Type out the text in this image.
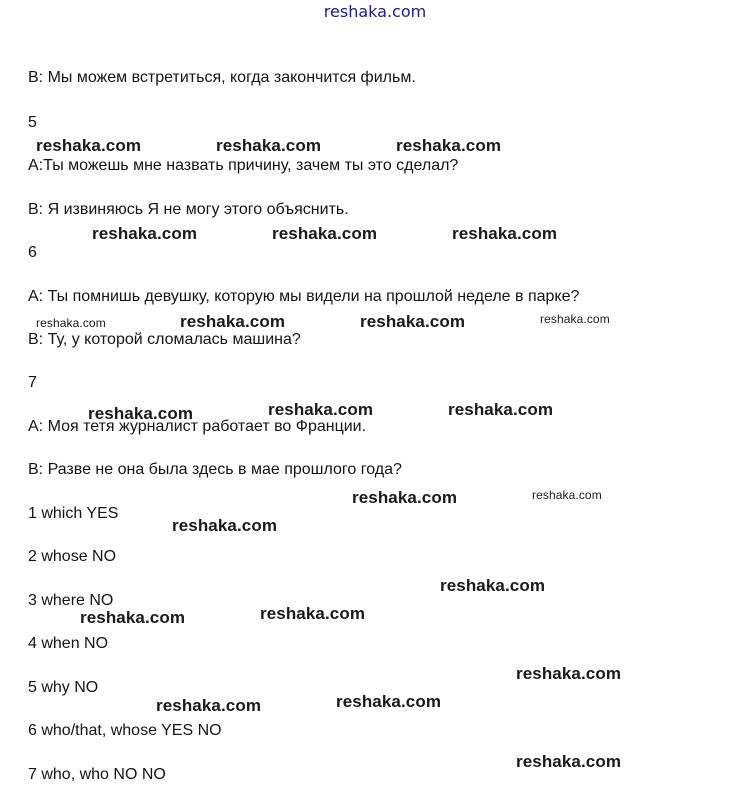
reshaka.com
B: Мы можем встретиться, когда закончится фильм.
5
A:Ты можешь мне назвать причину, зачем ты это сделал?
B: Я извиняюсь Я не могу этого объяснить.
6
A: Ты помнишь девушку, которую мы видели на прошлой неделе в парке?
B: Ту, у которой сломалась машина?
7
A: Моя тетя журналист работает во Франции.
B: Разве не она была здесь в мае прошлого года?
1 which YES
2 whose NO
3 where NO
4 when NO
5 why NO
6 who/that, whose YES NO
7 who, who NO NO
reshaka.com	reshaka.com	reshaka.com
reshaka.com	reshaka.com	reshaka.com
reshaka.com	reshaka.com	reshaka.com	reshaka.com
reshaka.com	reshaka.com	reshaka.com
reshaka.com	reshaka.com
reshaka.com
reshaka.com
reshaka.com	reshaka.com
reshaka.com
reshaka.com	reshaka.com
reshaka.com
